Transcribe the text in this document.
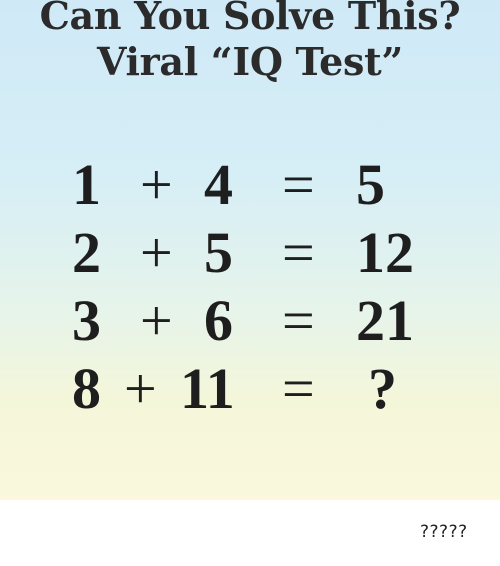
Can You Solve This?
Viral “IQ Test”
1 + 4 = 5
2 + 5 = 12
3 + 6 = 21
8 + 11 = ?
?????
